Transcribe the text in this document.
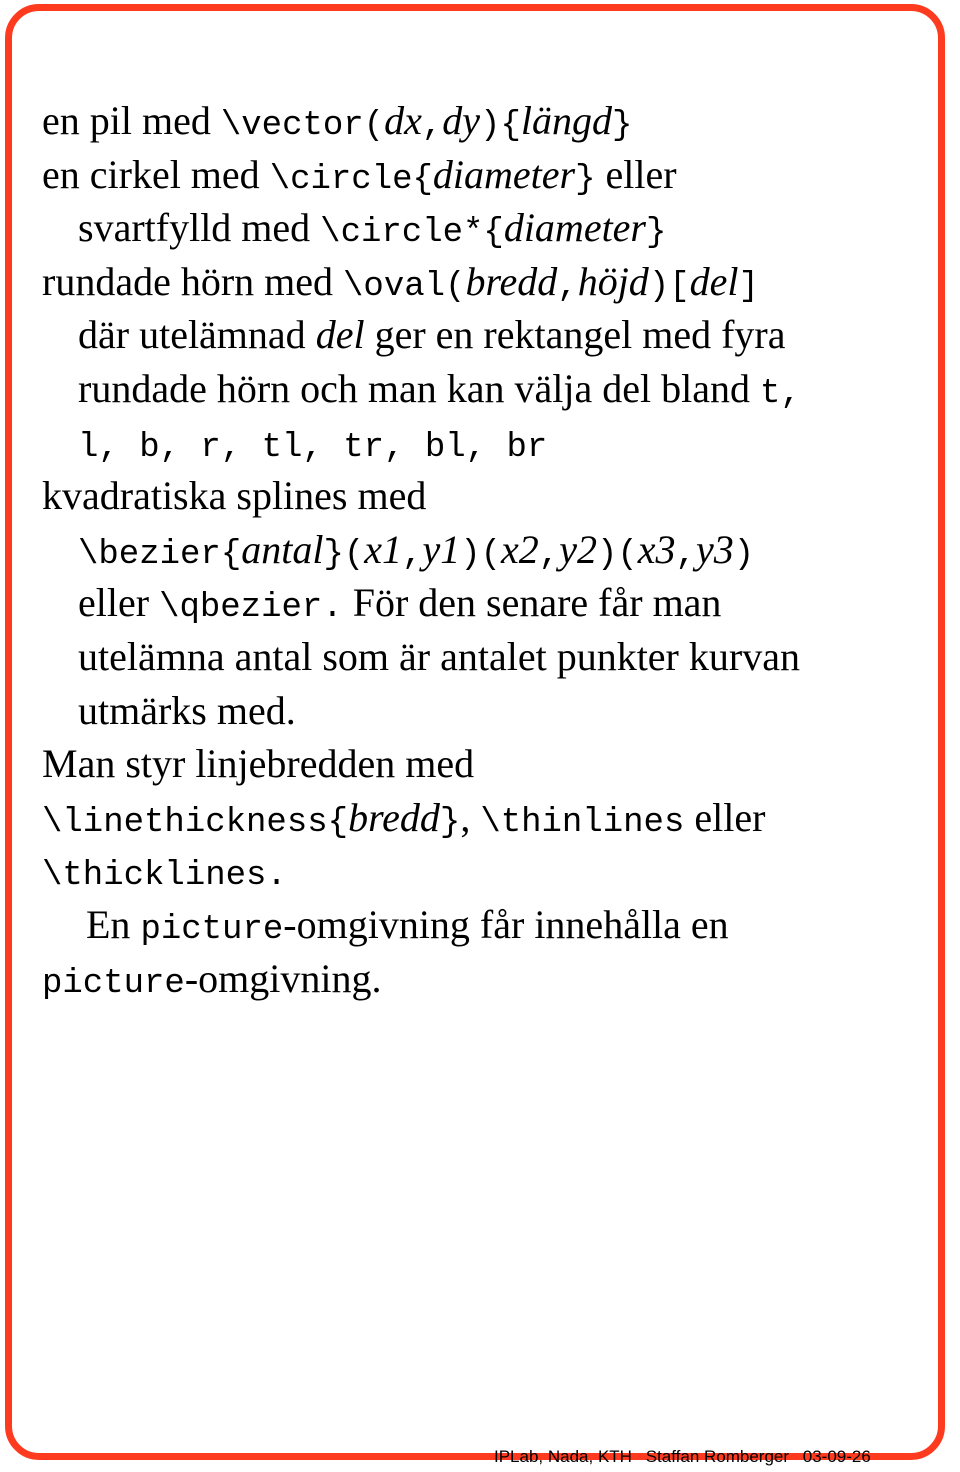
en pil med \vector(dx,dy){längd}
en cirkel med \circle{diameter} eller
svartfylld med \circle*{diameter}
rundade hörn med \oval(bredd,höjd)[del]
där utelämnad del ger en rektangel med fyra
rundade hörn och man kan välja del bland t,
l, b, r, tl, tr, bl, br
kvadratiska splines med
\bezier{antal}(x1,y1)(x2,y2)(x3,y3)
eller \qbezier. För den senare får man
utelämna antal som är antalet punkter kurvan
utmärks med.
Man styr linjebredden med
\linethickness{bredd}, \thinlines eller
\thicklines.
En picture-omgivning får innehålla en
picture-omgivning.
IPLab, Nada, KTH Staffan Romberger 03-09-26
